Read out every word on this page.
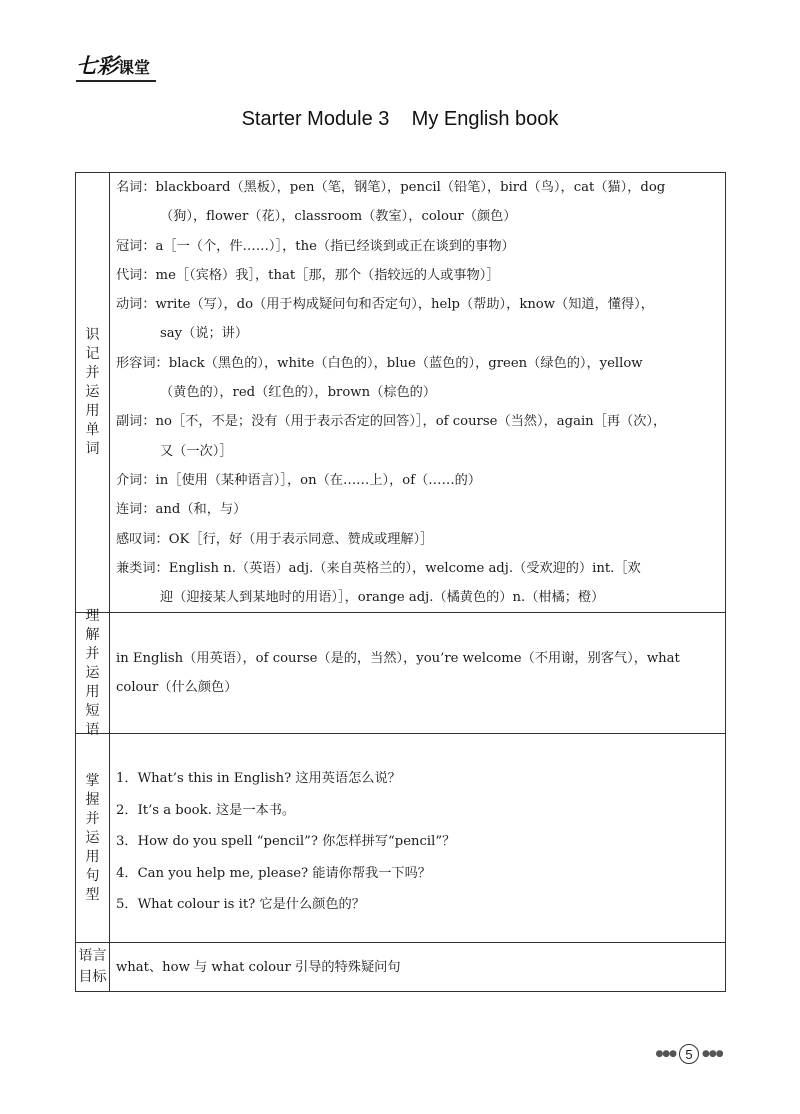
七彩课堂
Starter Module 3    My English book
识记并运用单词
名词：blackboard（黑板），pen（笔，钢笔），pencil（铅笔），bird（鸟），cat（猫），dog
（狗），flower（花），classroom（教室），colour（颜色）
冠词：a［一（个，件……）］，the（指已经谈到或正在谈到的事物）
代词：me［（宾格）我］，that［那，那个（指较远的人或事物）］
动词：write（写），do（用于构成疑问句和否定句），help（帮助），know（知道，懂得），
say（说；讲）
形容词：black（黑色的），white（白色的），blue（蓝色的），green（绿色的），yellow
（黄色的），red（红色的），brown（棕色的）
副词：no［不，不是；没有（用于表示否定的回答）］，of course（当然），again［再（次），
又（一次）］
介词：in［使用（某种语言）］，on（在……上），of（……的）
连词：and（和，与）
感叹词：OK［行，好（用于表示同意、赞成或理解）］
兼类词：English n.（英语）adj.（来自英格兰的），welcome adj.（受欢迎的）int.［欢
迎（迎接某人到某地时的用语）］，orange adj.（橘黄色的）n.（柑橘；橙）
理解并运用短语
in English（用英语），of course（是的，当然），you’re welcome（不用谢，别客气），what
colour（什么颜色）
掌握并运用句型
1．What’s this in English? 这用英语怎么说？
2．It’s a book. 这是一本书。
3．How do you spell “pencil”? 你怎样拼写“pencil”？
4．Can you help me, please? 能请你帮我一下吗？
5．What colour is it? 它是什么颜色的？
语言
目标
what、how 与 what colour 引导的特殊疑问句
●●● 5	●●●
